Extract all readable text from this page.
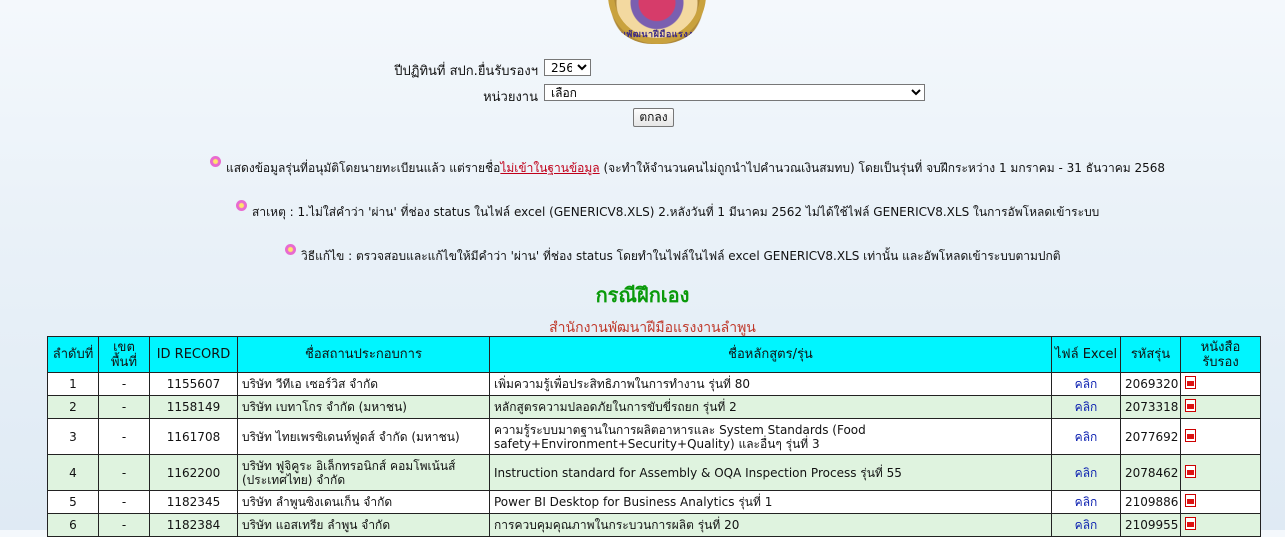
กรมพัฒนาฝีมือแรงงาน
ปีปฏิทินที่ สปก.ยื่นรับรองฯ
2568
หน่วยงาน
เลือก
ตกลง
แสดงข้อมูลรุ่นที่อนุมัติโดยนายทะเบียนแล้ว แต่รายชื่อไม่เข้าในฐานข้อมูล (จะทำให้จำนวนคนไม่ถูกนำไปคำนวณเงินสมทบ) โดยเป็นรุ่นที่ จบฝึกระหว่าง 1 มกราคม - 31 ธันวาคม 2568
สาเหตุ : 1.ไม่ใส่คำว่า 'ผ่าน' ที่ช่อง status ในไฟล์ excel (GENERICV8.XLS) 2.หลังวันที่ 1 มีนาคม 2562 ไม่ได้ใช้ไฟล์ GENERICV8.XLS ในการอัพโหลดเข้าระบบ
วิธีแก้ไข : ตรวจสอบและแก้ไขให้มีคำว่า 'ผ่าน' ที่ช่อง status โดยทำในไฟล์ในไฟล์ excel GENERICV8.XLS เท่านั้น และอัพโหลดเข้าระบบตามปกติ
กรณีฝึกเอง
สำนักงานพัฒนาฝีมือแรงงานลำพูน
ลำดับที่	เขตพื้นที่	ID RECORD	ชื่อสถานประกอบการ	ชื่อหลักสูตร/รุ่น	ไฟล์ Excel	รหัสรุ่น	หนังสือรับรอง
1	-	1155607	บริษัท วีทีเอ เซอร์วิส จำกัด	เพิ่มความรู้เพื่อประสิทธิภาพในการทำงาน รุ่นที่ 80	คลิก	2069320	
2	-	1158149	บริษัท เบทาโกร จำกัด (มหาชน)	หลักสูตรความปลอดภัยในการขับขี่รถยก รุ่นที่ 2	คลิก	2073318	
3	-	1161708	บริษัท ไทยเพรซิเดนท์ฟูดส์ จำกัด (มหาชน)	ความรู้ระบบมาตฐานในการผลิตอาหารและ System Standards (Food safety+Environment+Security+Quality) และอื่นๆ รุ่นที่ 3	คลิก	2077692	
4	-	1162200	บริษัท ฟูจิคูระ อิเล็กทรอนิกส์ คอมโพเน้นส์ (ประเทศไทย) จำกัด	Instruction standard for Assembly & OQA Inspection Process รุ่นที่ 55	คลิก	2078462	
5	-	1182345	บริษัท ลำพูนซิงเดนเก็น จำกัด	Power BI Desktop for Business Analytics รุ่นที่ 1	คลิก	2109886	
6	-	1182384	บริษัท แอสเทรีย ลำพูน จำกัด	การควบคุมคุณภาพในกระบวนการผลิต รุ่นที่ 20	คลิก	2109955	
